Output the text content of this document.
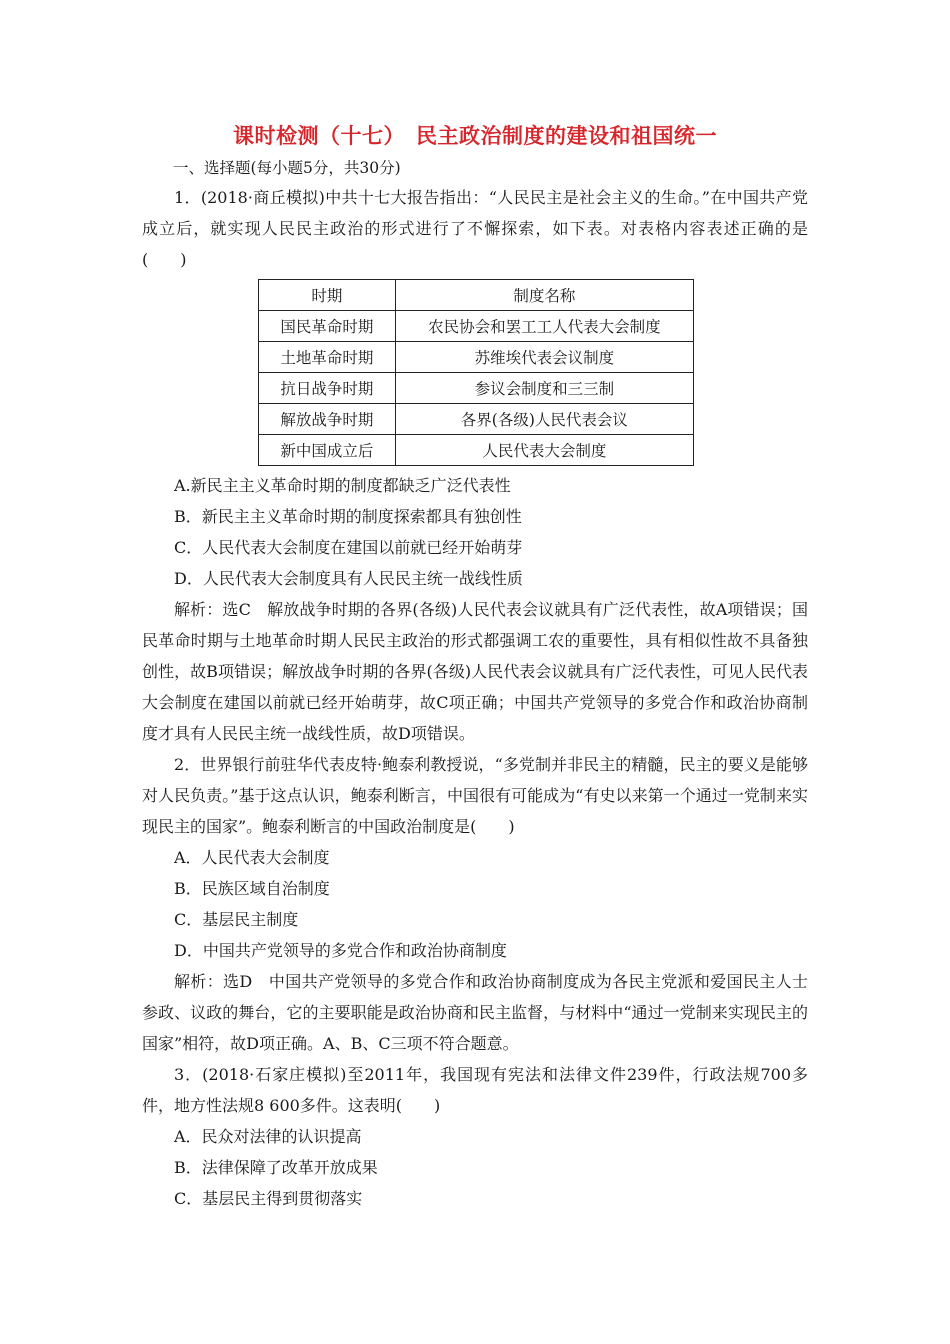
课时检测（十七）　民主政治制度的建设和祖国统一
一、选择题(每小题5分，共30分)

1．(2018·商丘模拟)中共十七大报告指出：“人民民主是社会主义的生命。”在中国共产党成立后，就实现人民民主政治的形式进行了不懈探索，如下表。对表格内容表述正确的是(　　)

时期	制度名称
国民革命时期	农民协会和罢工工人代表大会制度
土地革命时期	苏维埃代表会议制度
抗日战争时期	参议会制度和三三制
解放战争时期	各界(各级)人民代表会议
新中国成立后	人民代表大会制度

A.新民主主义革命时期的制度都缺乏广泛代表性

B．新民主主义革命时期的制度探索都具有独创性

C．人民代表大会制度在建国以前就已经开始萌芽

D．人民代表大会制度具有人民民主统一战线性质

解析：选C　解放战争时期的各界(各级)人民代表会议就具有广泛代表性，故A项错误；国民革命时期与土地革命时期人民民主政治的形式都强调工农的重要性，具有相似性故不具备独创性，故B项错误；解放战争时期的各界(各级)人民代表会议就具有广泛代表性，可见人民代表大会制度在建国以前就已经开始萌芽，故C项正确；中国共产党领导的多党合作和政治协商制度才具有人民民主统一战线性质，故D项错误。

2．世界银行前驻华代表皮特·鲍泰利教授说，“多党制并非民主的精髓，民主的要义是能够对人民负责。”基于这点认识，鲍泰利断言，中国很有可能成为“有史以来第一个通过一党制来实现民主的国家”。鲍泰利断言的中国政治制度是(　　)

A．人民代表大会制度

B．民族区域自治制度

C．基层民主制度

D．中国共产党领导的多党合作和政治协商制度

解析：选D　中国共产党领导的多党合作和政治协商制度成为各民主党派和爱国民主人士参政、议政的舞台，它的主要职能是政治协商和民主监督，与材料中“通过一党制来实现民主的国家”相符，故D项正确。A、B、C三项不符合题意。

3．(2018·石家庄模拟)至2011年，我国现有宪法和法律文件239件，行政法规700多件，地方性法规8 600多件。这表明(　　)

A．民众对法律的认识提高

B．法律保障了改革开放成果

C．基层民主得到贯彻落实
